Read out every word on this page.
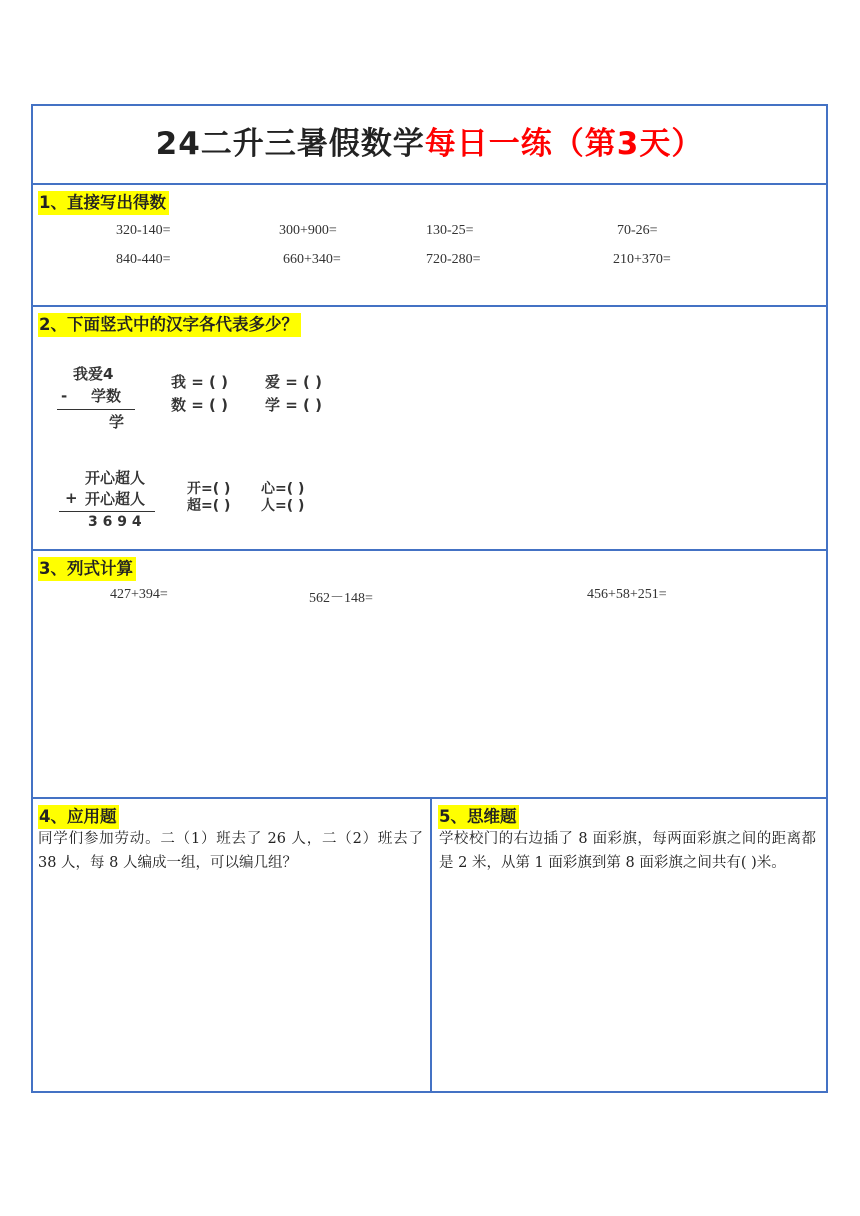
24二升三暑假数学每日一练（第3天）
1、直接写出得数
320-140=	300+900=	130-25=	70-26=
840-440=	660+340=	720-280=	210+370=
2、下面竖式中的汉字各代表多少？
我爱4
- 学数
学
我 = ( ) 爱 = ( )
数 = ( ) 学 = ( )
开心超人
+ 开心超人
3 6 9 4
开=( ) 心=( )
超=( ) 人=( )
3、列式计算
427+394=	562－148=	456+58+251=
4、应用题
同学们参加劳动。二（1）班去了 26 人，二（2）班去了 38 人，每 8 人编成一组，可以编几组？
5、思维题
学校校门的右边插了 8 面彩旗，每两面彩旗之间的距离都是 2 米，从第 1 面彩旗到第 8 面彩旗之间共有( )米。
